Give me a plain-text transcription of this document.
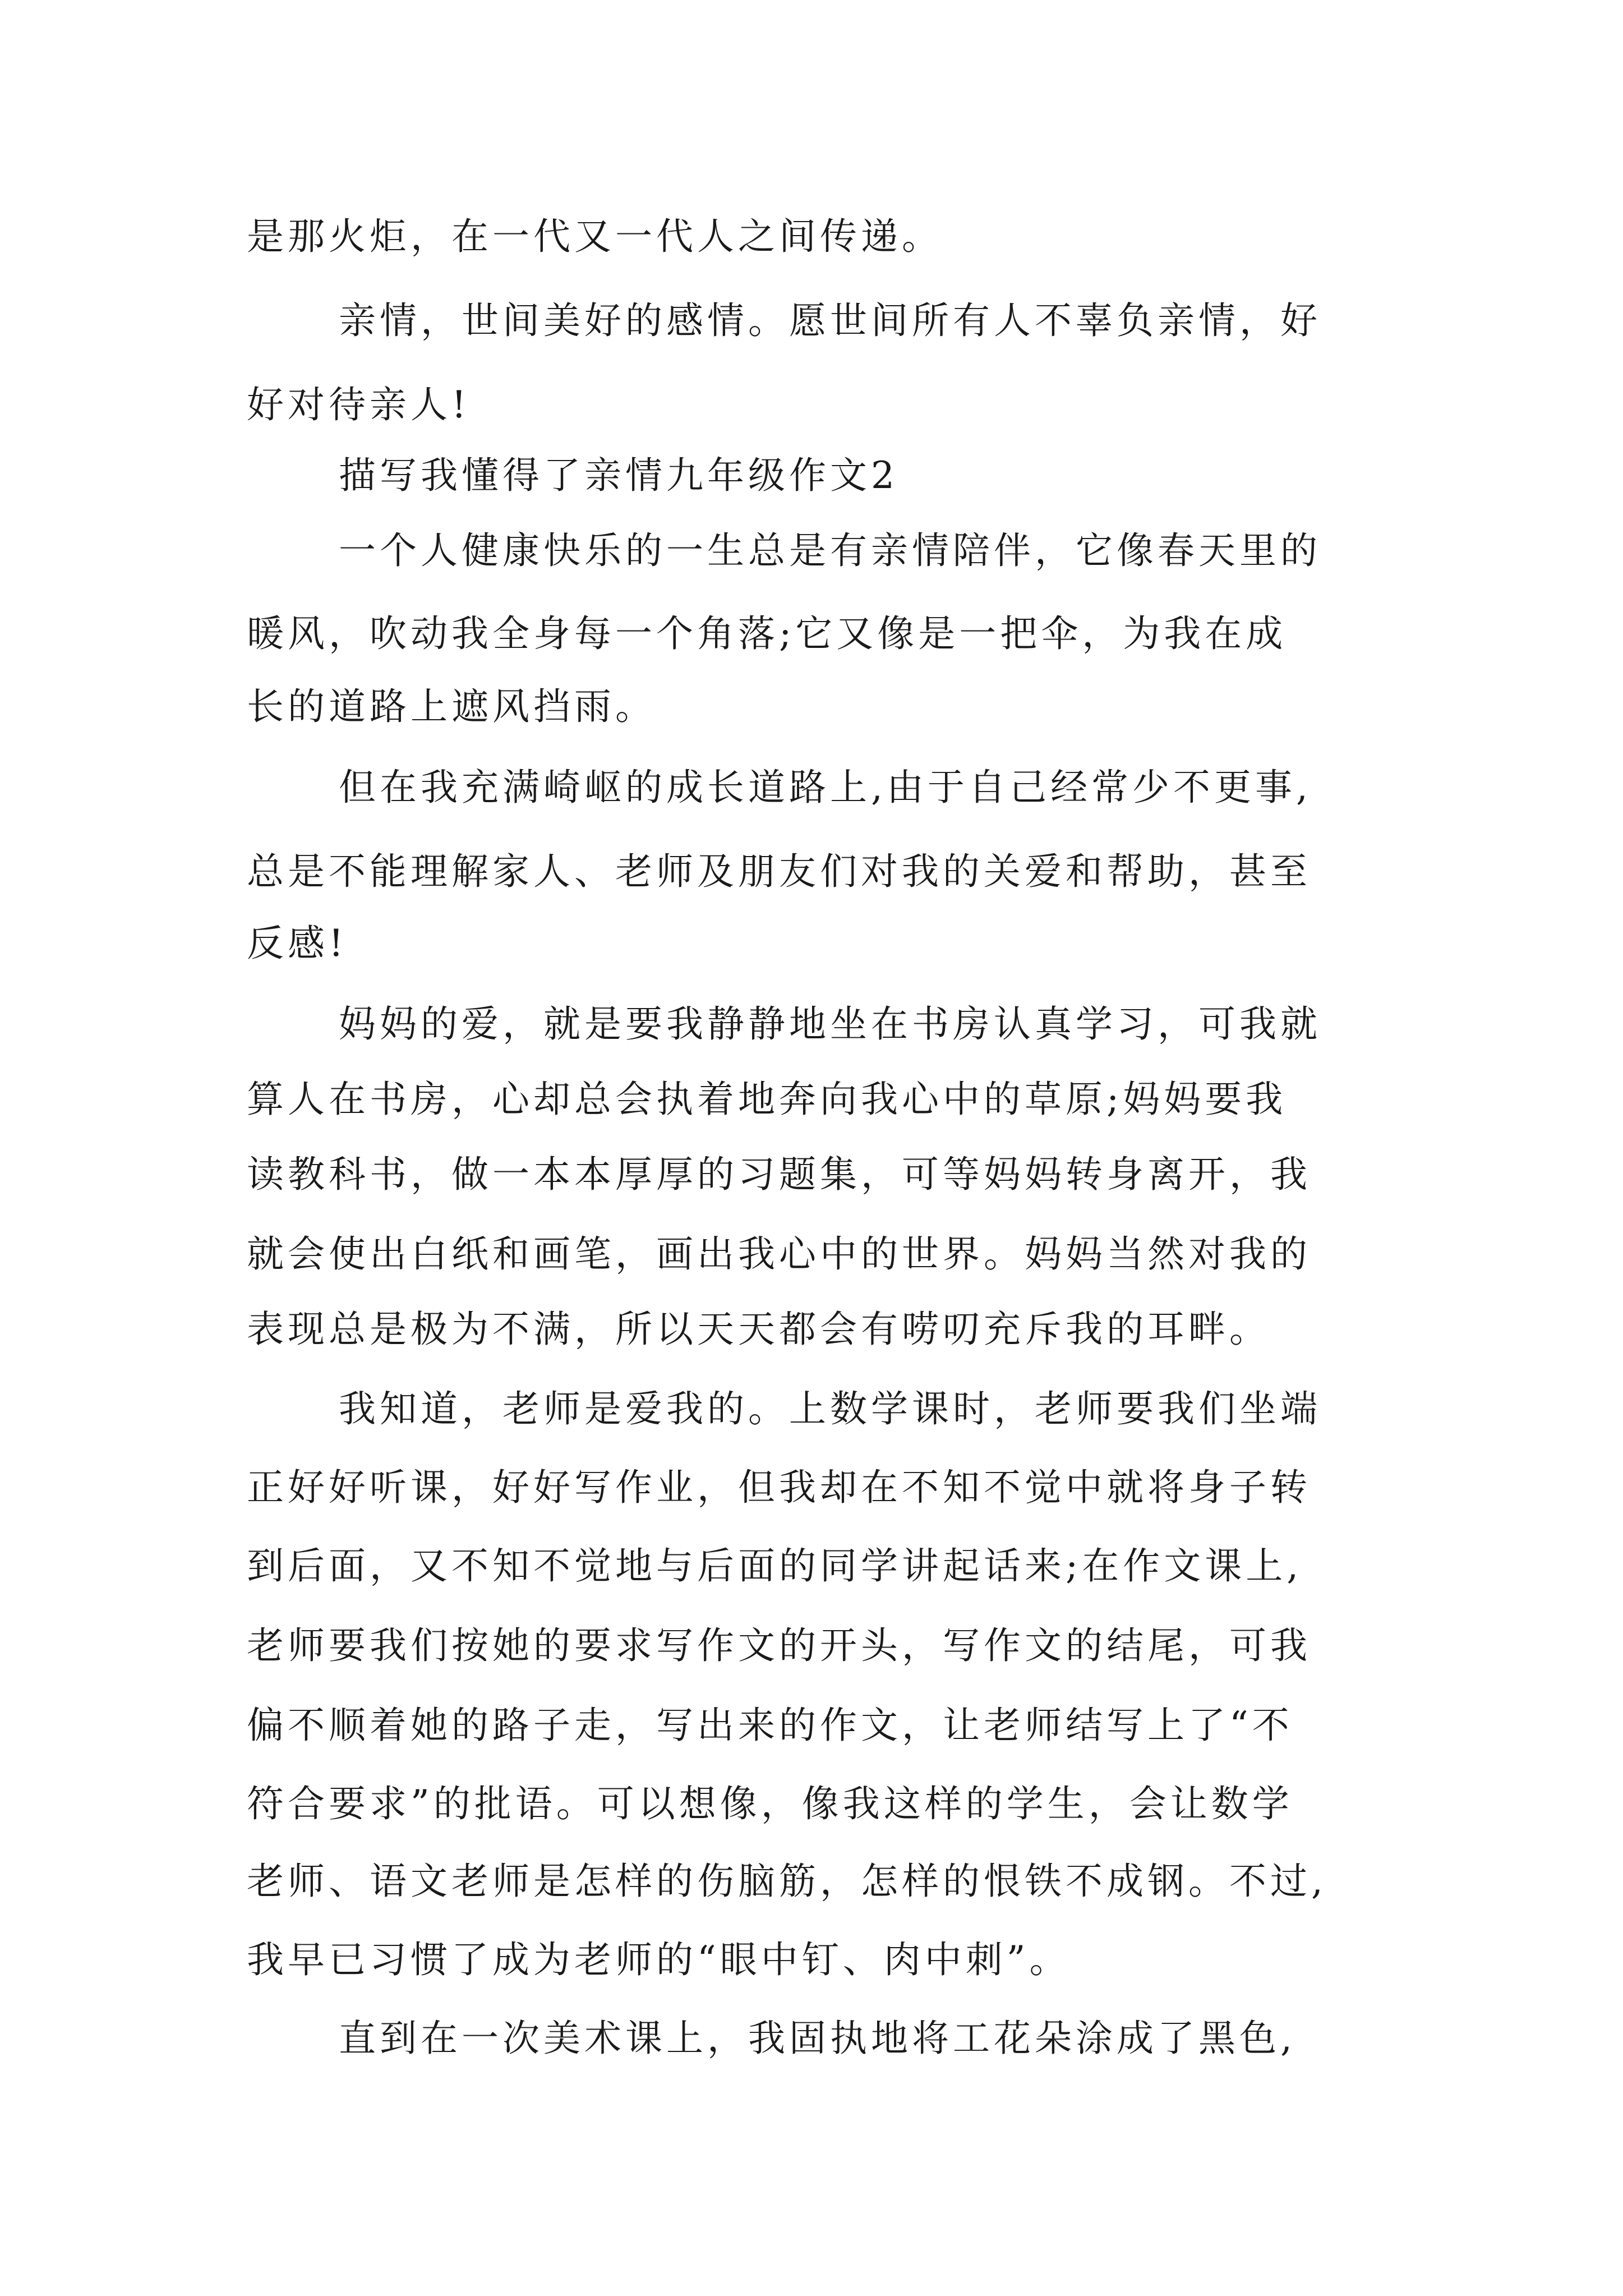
是那火炬，在一代又一代人之间传递。

亲情，世间美好的感情。愿世间所有人不辜负亲情，好

好对待亲人!

描写我懂得了亲情九年级作文2

一个人健康快乐的一生总是有亲情陪伴，它像春天里的

暖风，吹动我全身每一个角落;它又像是一把伞，为我在成

长的道路上遮风挡雨。

但在我充满崎岖的成长道路上,由于自己经常少不更事,

总是不能理解家人、老师及朋友们对我的关爱和帮助，甚至

反感!

妈妈的爱，就是要我静静地坐在书房认真学习，可我就

算人在书房，心却总会执着地奔向我心中的草原;妈妈要我

读教科书，做一本本厚厚的习题集，可等妈妈转身离开，我

就会使出白纸和画笔，画出我心中的世界。妈妈当然对我的

表现总是极为不满，所以天天都会有唠叨充斥我的耳畔。

我知道，老师是爱我的。上数学课时，老师要我们坐端

正好好听课，好好写作业，但我却在不知不觉中就将身子转

到后面，又不知不觉地与后面的同学讲起话来;在作文课上,

老师要我们按她的要求写作文的开头，写作文的结尾，可我

偏不顺着她的路子走，写出来的作文，让老师结写上了“不

符合要求”的批语。可以想像，像我这样的学生，会让数学

老师、语文老师是怎样的伤脑筋，怎样的恨铁不成钢。不过,

我早已习惯了成为老师的“眼中钉、肉中刺”。

直到在一次美术课上，我固执地将工花朵涂成了黑色,
